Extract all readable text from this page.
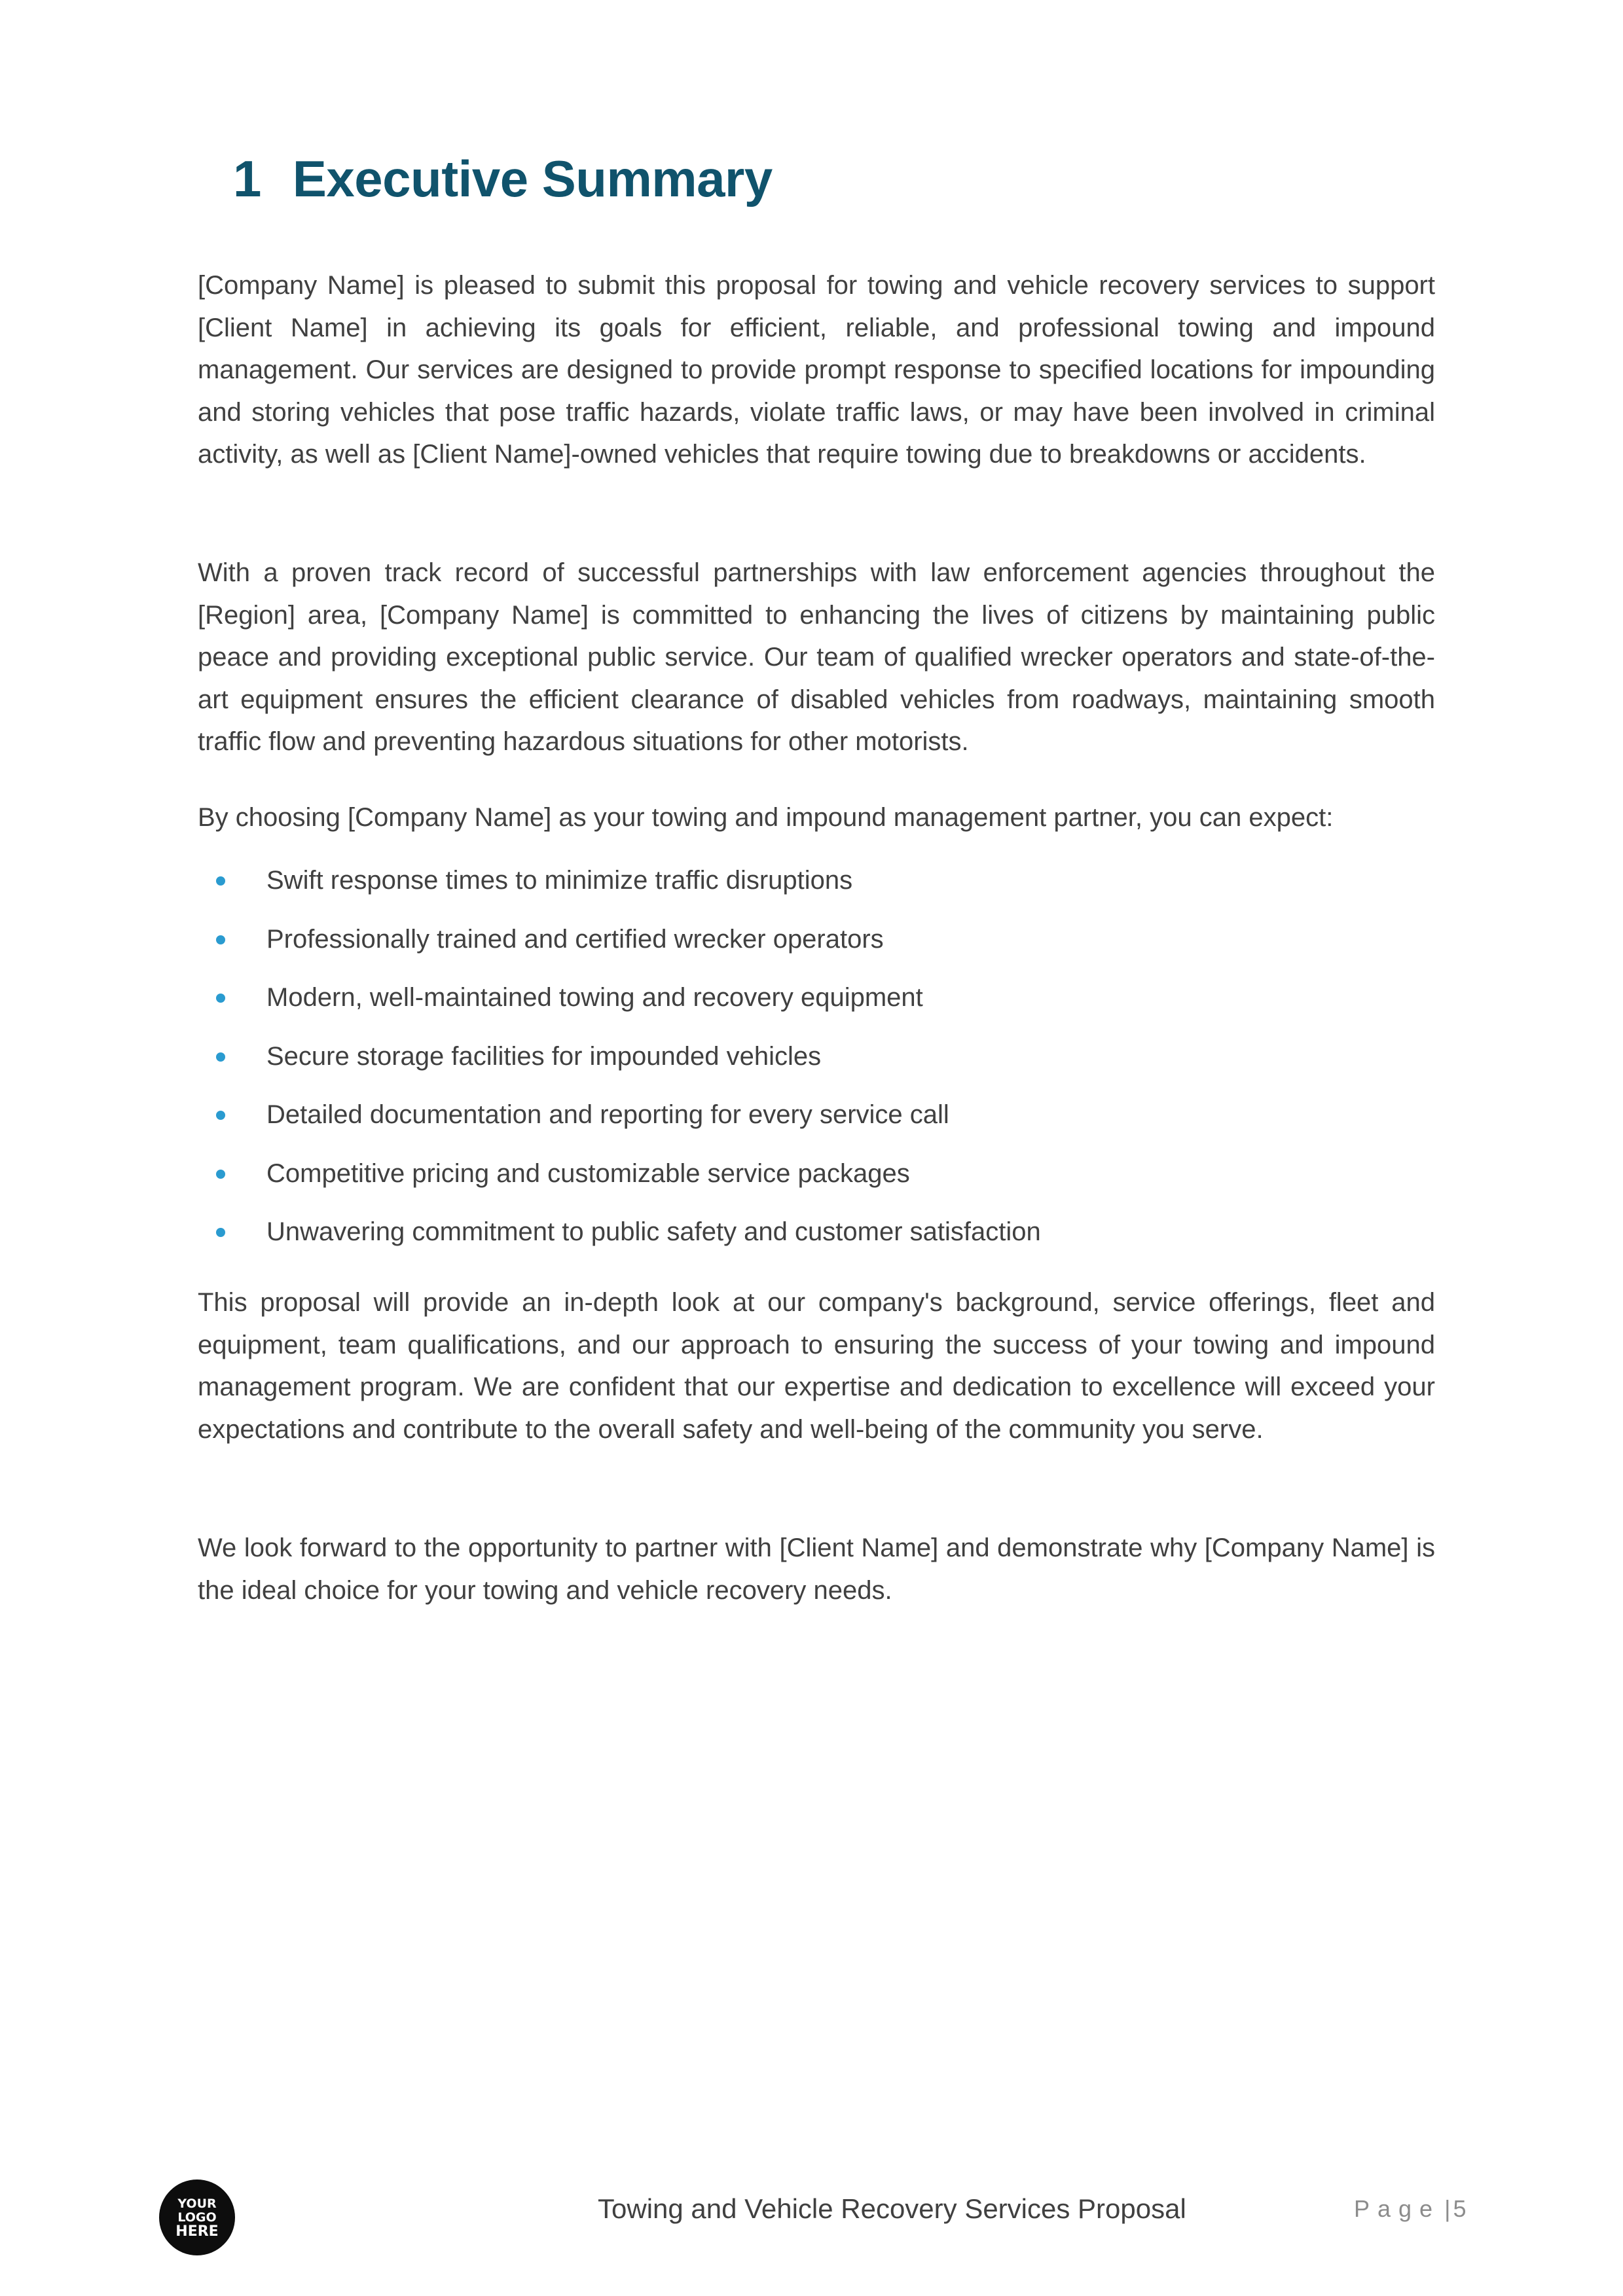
1 Executive Summary

[Company Name] is pleased to submit this proposal for towing and vehicle recovery services to support [Client Name] in achieving its goals for efficient, reliable, and professional towing and impound management. Our services are designed to provide prompt response to specified locations for impounding and storing vehicles that pose traffic hazards, violate traffic laws, or may have been involved in criminal activity, as well as [Client Name]-owned vehicles that require towing due to breakdowns or accidents.

With a proven track record of successful partnerships with law enforcement agencies throughout the [Region] area, [Company Name] is committed to enhancing the lives of citizens by maintaining public peace and providing exceptional public service. Our team of qualified wrecker operators and state-of-the-art equipment ensures the efficient clearance of disabled vehicles from roadways, maintaining smooth traffic flow and preventing hazardous situations for other motorists.

By choosing [Company Name] as your towing and impound management partner, you can expect:

Swift response times to minimize traffic disruptions
Professionally trained and certified wrecker operators
Modern, well-maintained towing and recovery equipment
Secure storage facilities for impounded vehicles
Detailed documentation and reporting for every service call
Competitive pricing and customizable service packages
Unwavering commitment to public safety and customer satisfaction

This proposal will provide an in-depth look at our company's background, service offerings, fleet and equipment, team qualifications, and our approach to ensuring the success of your towing and impound management program. We are confident that our expertise and dedication to excellence will exceed your expectations and contribute to the overall safety and well-being of the community you serve.

We look forward to the opportunity to partner with [Client Name] and demonstrate why [Company Name] is the ideal choice for your towing and vehicle recovery needs.

YOUR
LOGO
HERE
Towing and Vehicle Recovery Services Proposal	Page | 5
